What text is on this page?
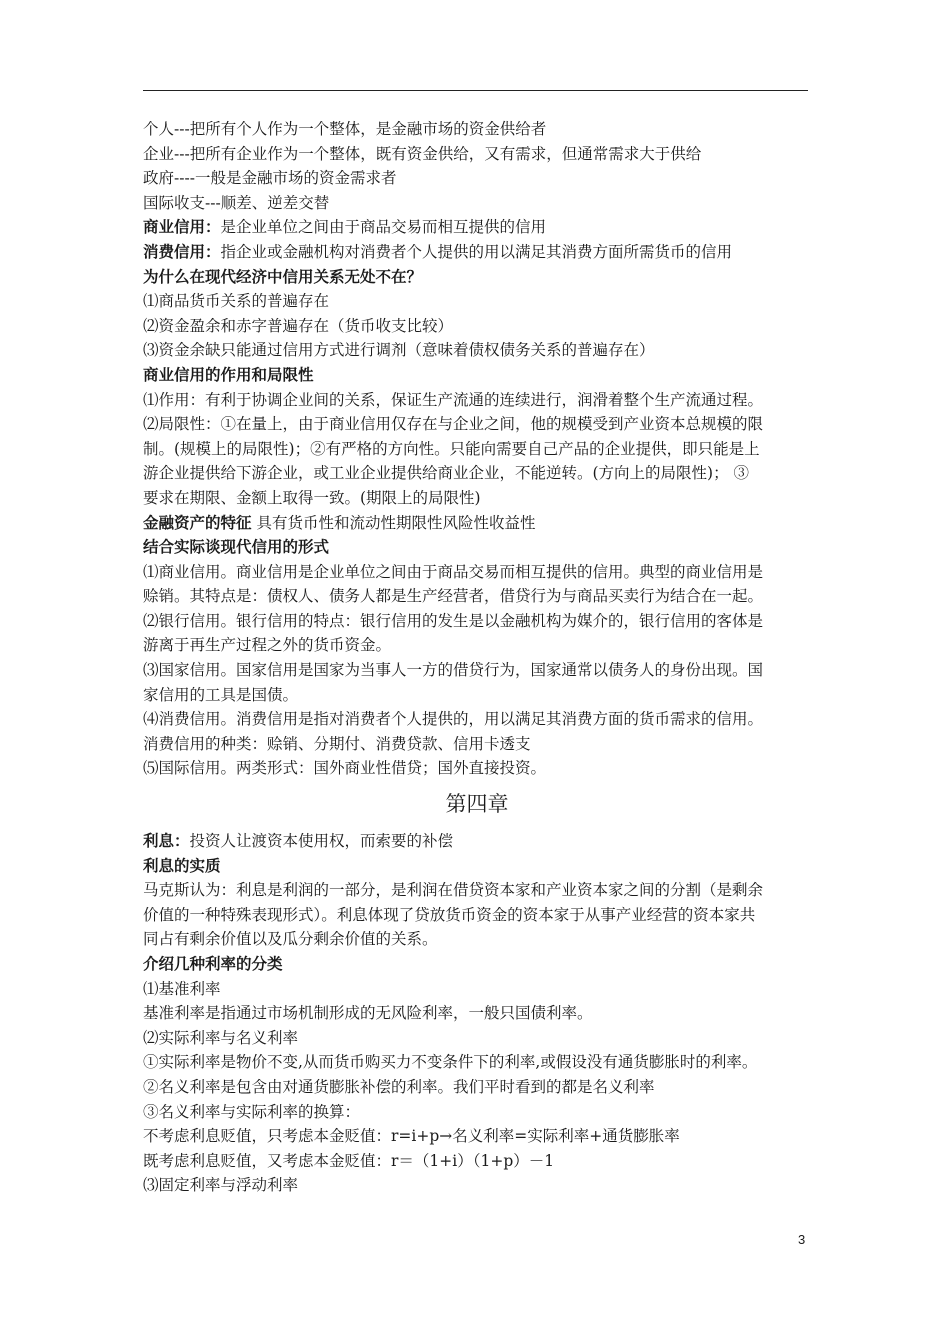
个人---把所有个人作为一个整体，是金融市场的资金供给者
企业---把所有企业作为一个整体，既有资金供给，又有需求，但通常需求大于供给
政府----一般是金融市场的资金需求者
国际收支---顺差、逆差交替
商业信用：是企业单位之间由于商品交易而相互提供的信用
消费信用：指企业或金融机构对消费者个人提供的用以满足其消费方面所需货币的信用
为什么在现代经济中信用关系无处不在？
⑴商品货币关系的普遍存在
⑵资金盈余和赤字普遍存在（货币收支比较）
⑶资金余缺只能通过信用方式进行调剂（意味着债权债务关系的普遍存在）
商业信用的作用和局限性
⑴作用：有利于协调企业间的关系，保证生产流通的连续进行，润滑着整个生产流通过程。
⑵局限性：①在量上，由于商业信用仅存在与企业之间，他的规模受到产业资本总规模的限
制。(规模上的局限性)；②有严格的方向性。只能向需要自己产品的企业提供，即只能是上
游企业提供给下游企业，或工业企业提供给商业企业，不能逆转。(方向上的局限性)； ③
要求在期限、金额上取得一致。(期限上的局限性)
金融资产的特征 具有货币性和流动性期限性风险性收益性
结合实际谈现代信用的形式
⑴商业信用。商业信用是企业单位之间由于商品交易而相互提供的信用。典型的商业信用是
赊销。其特点是：债权人、债务人都是生产经营者，借贷行为与商品买卖行为结合在一起。
⑵银行信用。银行信用的特点：银行信用的发生是以金融机构为媒介的，银行信用的客体是
游离于再生产过程之外的货币资金。
⑶国家信用。国家信用是国家为当事人一方的借贷行为，国家通常以债务人的身份出现。国
家信用的工具是国债。
⑷消费信用。消费信用是指对消费者个人提供的，用以满足其消费方面的货币需求的信用。
消费信用的种类：赊销、分期付、消费贷款、信用卡透支
⑸国际信用。两类形式：国外商业性借贷；国外直接投资。
第四章
利息：投资人让渡资本使用权，而索要的补偿
利息的实质
马克斯认为：利息是利润的一部分，是利润在借贷资本家和产业资本家之间的分割（是剩余
价值的一种特殊表现形式）。利息体现了贷放货币资金的资本家于从事产业经营的资本家共
同占有剩余价值以及瓜分剩余价值的关系。
介绍几种利率的分类
⑴基准利率
基准利率是指通过市场机制形成的无风险利率，一般只国债利率。
⑵实际利率与名义利率
①实际利率是物价不变,从而货币购买力不变条件下的利率,或假设没有通货膨胀时的利率。
②名义利率是包含由对通货膨胀补偿的利率。我们平时看到的都是名义利率
③名义利率与实际利率的换算：
不考虑利息贬值，只考虑本金贬值：r=i+p→名义利率=实际利率+通货膨胀率
既考虑利息贬值，又考虑本金贬值：r＝（1+i）（1+p）－1
⑶固定利率与浮动利率
3
